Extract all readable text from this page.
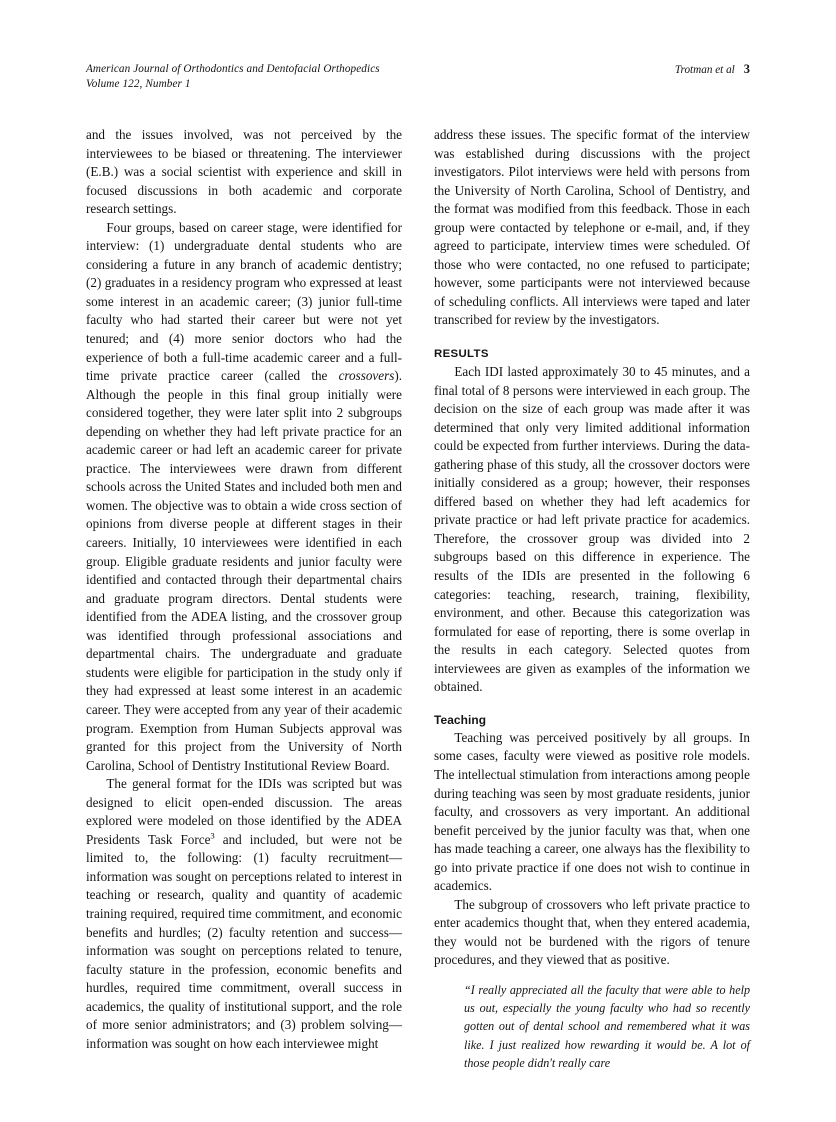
American Journal of Orthodontics and Dentofacial Orthopedics
Volume 122, Number 1
Trotman et al 3

and the issues involved, was not perceived by the interviewees to be biased or threatening. The interviewer (E.B.) was a social scientist with experience and skill in focused discussions in both academic and corporate research settings.

Four groups, based on career stage, were identified for interview: (1) undergraduate dental students who are considering a future in any branch of academic dentistry; (2) graduates in a residency program who expressed at least some interest in an academic career; (3) junior full-time faculty who had started their career but were not yet tenured; and (4) more senior doctors who had the experience of both a full-time academic career and a full-time private practice career (called the crossovers). Although the people in this final group initially were considered together, they were later split into 2 subgroups depending on whether they had left private practice for an academic career or had left an academic career for private practice. The interviewees were drawn from different schools across the United States and included both men and women. The objective was to obtain a wide cross section of opinions from diverse people at different stages in their careers. Initially, 10 interviewees were identified in each group. Eligible graduate residents and junior faculty were identified and contacted through their departmental chairs and graduate program directors. Dental students were identified from the ADEA listing, and the crossover group was identified through professional associations and departmental chairs. The undergraduate and graduate students were eligible for participation in the study only if they had expressed at least some interest in an academic career. They were accepted from any year of their academic program. Exemption from Human Subjects approval was granted for this project from the University of North Carolina, School of Dentistry Institutional Review Board.

The general format for the IDIs was scripted but was designed to elicit open-ended discussion. The areas explored were modeled on those identified by the ADEA Presidents Task Force$^3$ and included, but were not be limited to, the following: (1) faculty recruitment—information was sought on perceptions related to interest in teaching or research, quality and quantity of academic training required, required time commitment, and economic benefits and hurdles; (2) faculty retention and success—information was sought on perceptions related to tenure, faculty stature in the profession, economic benefits and hurdles, required time commitment, overall success in academics, the quality of institutional support, and the role of more senior administrators; and (3) problem solving—information was sought on how each interviewee might

address these issues. The specific format of the interview was established during discussions with the project investigators. Pilot interviews were held with persons from the University of North Carolina, School of Dentistry, and the format was modified from this feedback. Those in each group were contacted by telephone or e-mail, and, if they agreed to participate, interview times were scheduled. Of those who were contacted, no one refused to participate; however, some participants were not interviewed because of scheduling conflicts. All interviews were taped and later transcribed for review by the investigators.

RESULTS

Each IDI lasted approximately 30 to 45 minutes, and a final total of 8 persons were interviewed in each group. The decision on the size of each group was made after it was determined that only very limited additional information could be expected from further interviews. During the data-gathering phase of this study, all the crossover doctors were initially considered as a group; however, their responses differed based on whether they had left academics for private practice or had left private practice for academics. Therefore, the crossover group was divided into 2 subgroups based on this difference in experience. The results of the IDIs are presented in the following 6 categories: teaching, research, training, flexibility, environment, and other. Because this categorization was formulated for ease of reporting, there is some overlap in the results in each category. Selected quotes from interviewees are given as examples of the information we obtained.

Teaching

Teaching was perceived positively by all groups. In some cases, faculty were viewed as positive role models. The intellectual stimulation from interactions among people during teaching was seen by most graduate residents, junior faculty, and crossovers as very important. An additional benefit perceived by the junior faculty was that, when one has made teaching a career, one always has the flexibility to go into private practice if one does not wish to continue in academics.

The subgroup of crossovers who left private practice to enter academics thought that, when they entered academia, they would not be burdened with the rigors of tenure procedures, and they viewed that as positive.

“I really appreciated all the faculty that were able to help us out, especially the young faculty who had so recently gotten out of dental school and remembered what it was like. I just realized how rewarding it would be. A lot of those people didn't really care
